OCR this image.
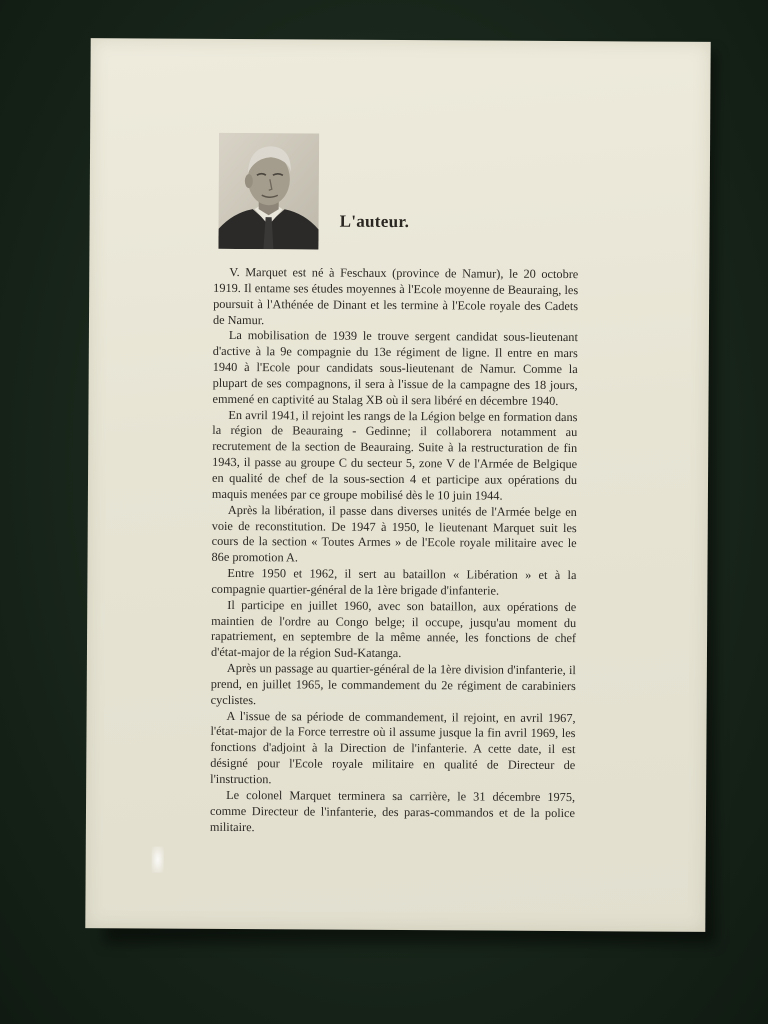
L'auteur.

V. Marquet est né à Feschaux (province de Namur), le 20 octobre 1919. Il entame ses études moyennes à l'Ecole moyenne de Beauraing, les poursuit à l'Athénée de Dinant et les termine à l'Ecole royale des Cadets de Namur.

La mobilisation de 1939 le trouve sergent candidat sous-lieutenant d'active à la 9e compagnie du 13e régiment de ligne. Il entre en mars 1940 à l'Ecole pour candidats sous-lieutenant de Namur. Comme la plupart de ses compagnons, il sera à l'issue de la campagne des 18 jours, emmené en captivité au Stalag XB où il sera libéré en décembre 1940.

En avril 1941, il rejoint les rangs de la Légion belge en formation dans la région de Beauraing - Gedinne; il collaborera notamment au recrutement de la section de Beauraing. Suite à la restructuration de fin 1943, il passe au groupe C du secteur 5, zone V de l'Armée de Belgique en qualité de chef de la sous-section 4 et participe aux opérations du maquis menées par ce groupe mobilisé dès le 10 juin 1944.

Après la libération, il passe dans diverses unités de l'Armée belge en voie de reconstitution. De 1947 à 1950, le lieutenant Marquet suit les cours de la section « Toutes Armes » de l'Ecole royale militaire avec le 86e promotion A.

Entre 1950 et 1962, il sert au bataillon « Libération » et à la compagnie quartier-général de la 1ère brigade d'infanterie.

Il participe en juillet 1960, avec son bataillon, aux opérations de maintien de l'ordre au Congo belge; il occupe, jusqu'au moment du rapatriement, en septembre de la même année, les fonctions de chef d'état-major de la région Sud-Katanga.

Après un passage au quartier-général de la 1ère division d'infanterie, il prend, en juillet 1965, le commandement du 2e régiment de carabiniers cyclistes.

A l'issue de sa période de commandement, il rejoint, en avril 1967, l'état-major de la Force terrestre où il assume jusque la fin avril 1969, les fonctions d'adjoint à la Direction de l'infanterie. A cette date, il est désigné pour l'Ecole royale militaire en qualité de Directeur de l'instruction.

Le colonel Marquet terminera sa carrière, le 31 décembre 1975, comme Directeur de l'infanterie, des paras-commandos et de la police militaire.
